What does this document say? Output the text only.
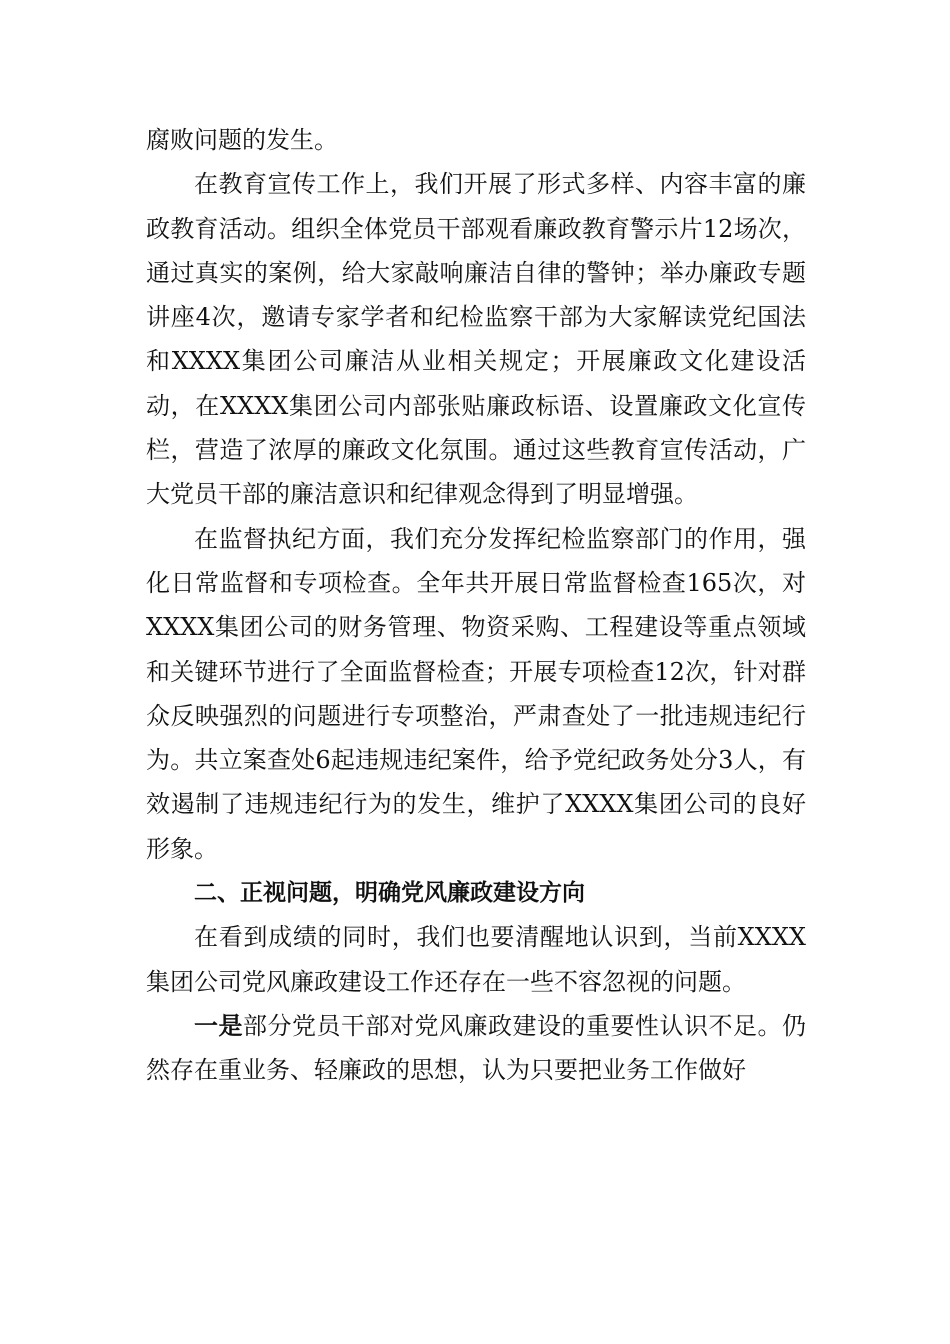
腐败问题的发生。

在教育宣传工作上，我们开展了形式多样、内容丰富的廉政教育活动。组织全体党员干部观看廉政教育警示片12场次，通过真实的案例，给大家敲响廉洁自律的警钟；举办廉政专题讲座4次，邀请专家学者和纪检监察干部为大家解读党纪国法和XXXX集团公司廉洁从业相关规定；开展廉政文化建设活动，在XXXX集团公司内部张贴廉政标语、设置廉政文化宣传栏，营造了浓厚的廉政文化氛围。通过这些教育宣传活动，广大党员干部的廉洁意识和纪律观念得到了明显增强。

在监督执纪方面，我们充分发挥纪检监察部门的作用，强化日常监督和专项检查。全年共开展日常监督检查165次，对XXXX集团公司的财务管理、物资采购、工程建设等重点领域和关键环节进行了全面监督检查；开展专项检查12次，针对群众反映强烈的问题进行专项整治，严肃查处了一批违规违纪行为。共立案查处6起违规违纪案件，给予党纪政务处分3人，有效遏制了违规违纪行为的发生，维护了XXXX集团公司的良好形象。

二、正视问题，明确党风廉政建设方向

在看到成绩的同时，我们也要清醒地认识到，当前XXXX集团公司党风廉政建设工作还存在一些不容忽视的问题。

一是部分党员干部对党风廉政建设的重要性认识不足。仍然存在重业务、轻廉政的思想，认为只要把业务工作做好
